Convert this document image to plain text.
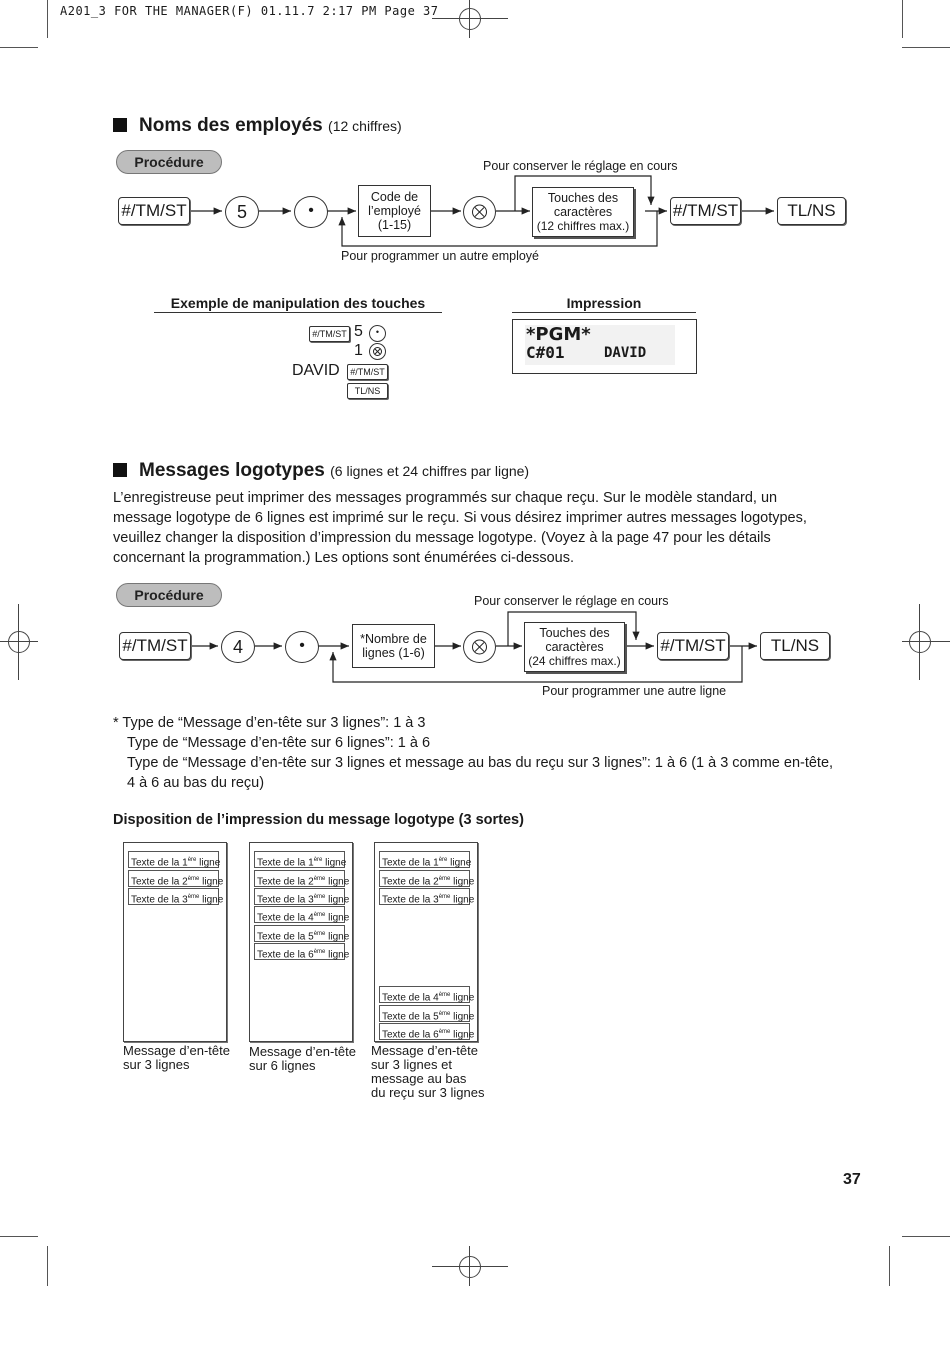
A201_3 FOR THE MANAGER(F) 01.11.7 2:17 PM Page 37
Noms des employés (12 chiffres)
Procédure
#/TM/ST	5	•
Code de
l’employé
(1-15)
Touches des
caractères
(12 chiffres max.)
#/TM/ST	TL/NS
Pour conserver le réglage en cours
Pour programmer un autre employé
Exemple de manipulation des touches
#/TM/ST 5	•
1
DAVID	#/TM/ST
TL/NS
Impression
*PGM*
C#01	DAVID
Messages logotypes (6 lignes et 24 chiffres par ligne)
L’enregistreuse peut imprimer des messages programmés sur chaque reçu. Sur le modèle standard, un
message logotype de 6 lignes est imprimé sur le reçu. Si vous désirez imprimer autres messages logotypes,
veuillez changer la disposition d’impression du message logotype. (Voyez à la page 47 pour les détails
concernant la programmation.) Les options sont énumérées ci-dessous.
Procédure
#/TM/ST	4	•	*Nombre de
lignes (1-6)
Touches des
caractères
(24 chiffres max.)
#/TM/ST	TL/NS
Pour conserver le réglage en cours
Pour programmer une autre ligne
* Type de “Message d’en-tête sur 3 lignes”: 1 à 3
Type de “Message d’en-tête sur 6 lignes”: 1 à 6
Type de “Message d’en-tête sur 3 lignes et message au bas du reçu sur 3 lignes”: 1 à 6 (1 à 3 comme en-tête,
4 à 6 au bas du reçu)
Disposition de l’impression du message logotype (3 sortes)
Texte de la 1ère ligne
Texte de la 2ème ligne
Texte de la 3ème ligne
Texte de la 1ère ligne
Texte de la 2ème ligne
Texte de la 3ème ligne
Texte de la 4ème ligne
Texte de la 5ème ligne
Texte de la 6ème ligne
Texte de la 1ère ligne
Texte de la 2ème ligne
Texte de la 3ème ligne
Texte de la 4ème ligne
Texte de la 5ème ligne
Texte de la 6ème ligne
Message d’en-tête
sur 3 lignes
Message d’en-tête
sur 6 lignes
Message d’en-tête
sur 3 lignes et
message au bas
du reçu sur 3 lignes
37
